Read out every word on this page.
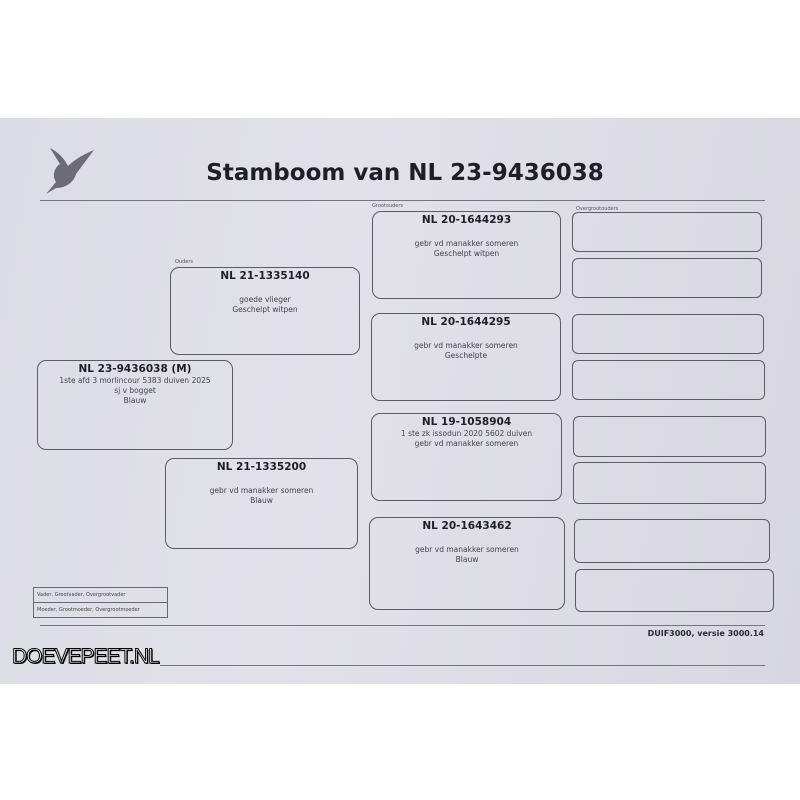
Stamboom van NL 23-9436038
Ouders
Grootouders	Overgrootouders
NL 23-9436038 (M)
1ste afd 3 morlincour 5383 duiven 2025
sj v bogget
Blauw
NL 21-1335140
goede vlieger
Geschelpt witpen
NL 21-1335200
gebr vd manakker someren
Blauw
NL 20-1644293
gebr vd manakker someren
Geschelpt witpen
NL 20-1644295
gebr vd manakker someren
Geschelpte
NL 19-1058904
1 ste zk issodun 2020 5602 duiven
gebr vd manakker someren
NL 20-1643462
gebr vd manakker someren
Blauw
Vader, Grootvader, Overgrootvader
Moeder, Grootmoeder, Overgrootmoeder
DUIF3000, versie 3000.14
DOEVEPEET.NL
